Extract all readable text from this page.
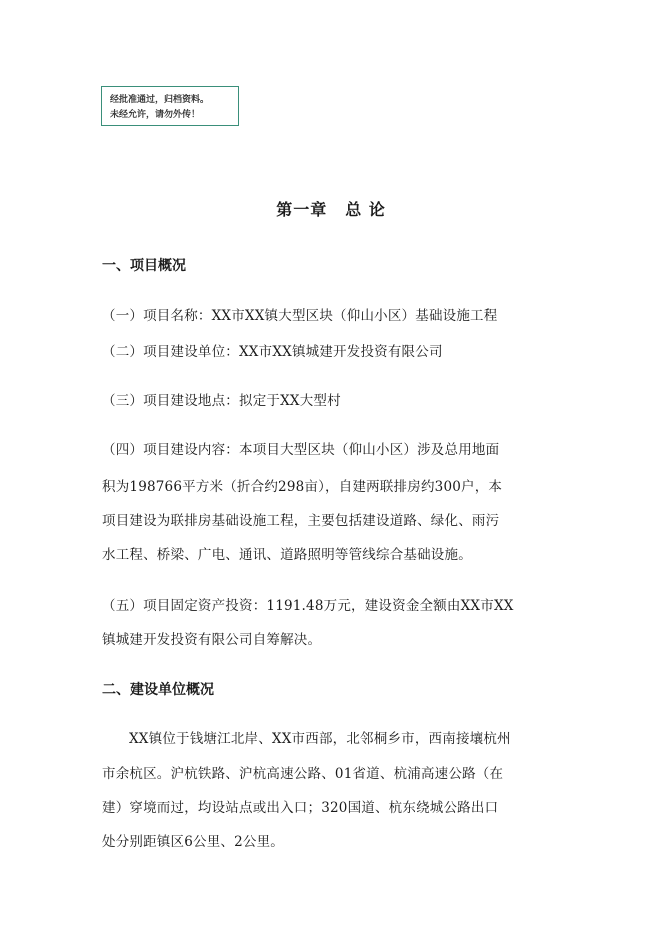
经批准通过，归档资料。
未经允许，请勿外传！
第一章 总 论
一、项目概况
（一）项目名称：XX市XX镇大型区块（仰山小区）基础设施工程
（二）项目建设单位：XX市XX镇城建开发投资有限公司
（三）项目建设地点：拟定于XX大型村
（四）项目建设内容：本项目大型区块（仰山小区）涉及总用地面
积为198766平方米（折合约298亩），自建两联排房约300户，本
项目建设为联排房基础设施工程，主要包括建设道路、绿化、雨污
水工程、桥梁、广电、通讯、道路照明等管线综合基础设施。
（五）项目固定资产投资：1191.48万元，建设资金全额由XX市XX
镇城建开发投资有限公司自筹解决。
二、建设单位概况
XX镇位于钱塘江北岸、XX市西部，北邻桐乡市，西南接壤杭州
市余杭区。沪杭铁路、沪杭高速公路、01省道、杭浦高速公路（在
建）穿境而过，均设站点或出入口；320国道、杭东绕城公路出口
处分别距镇区6公里、2公里。
